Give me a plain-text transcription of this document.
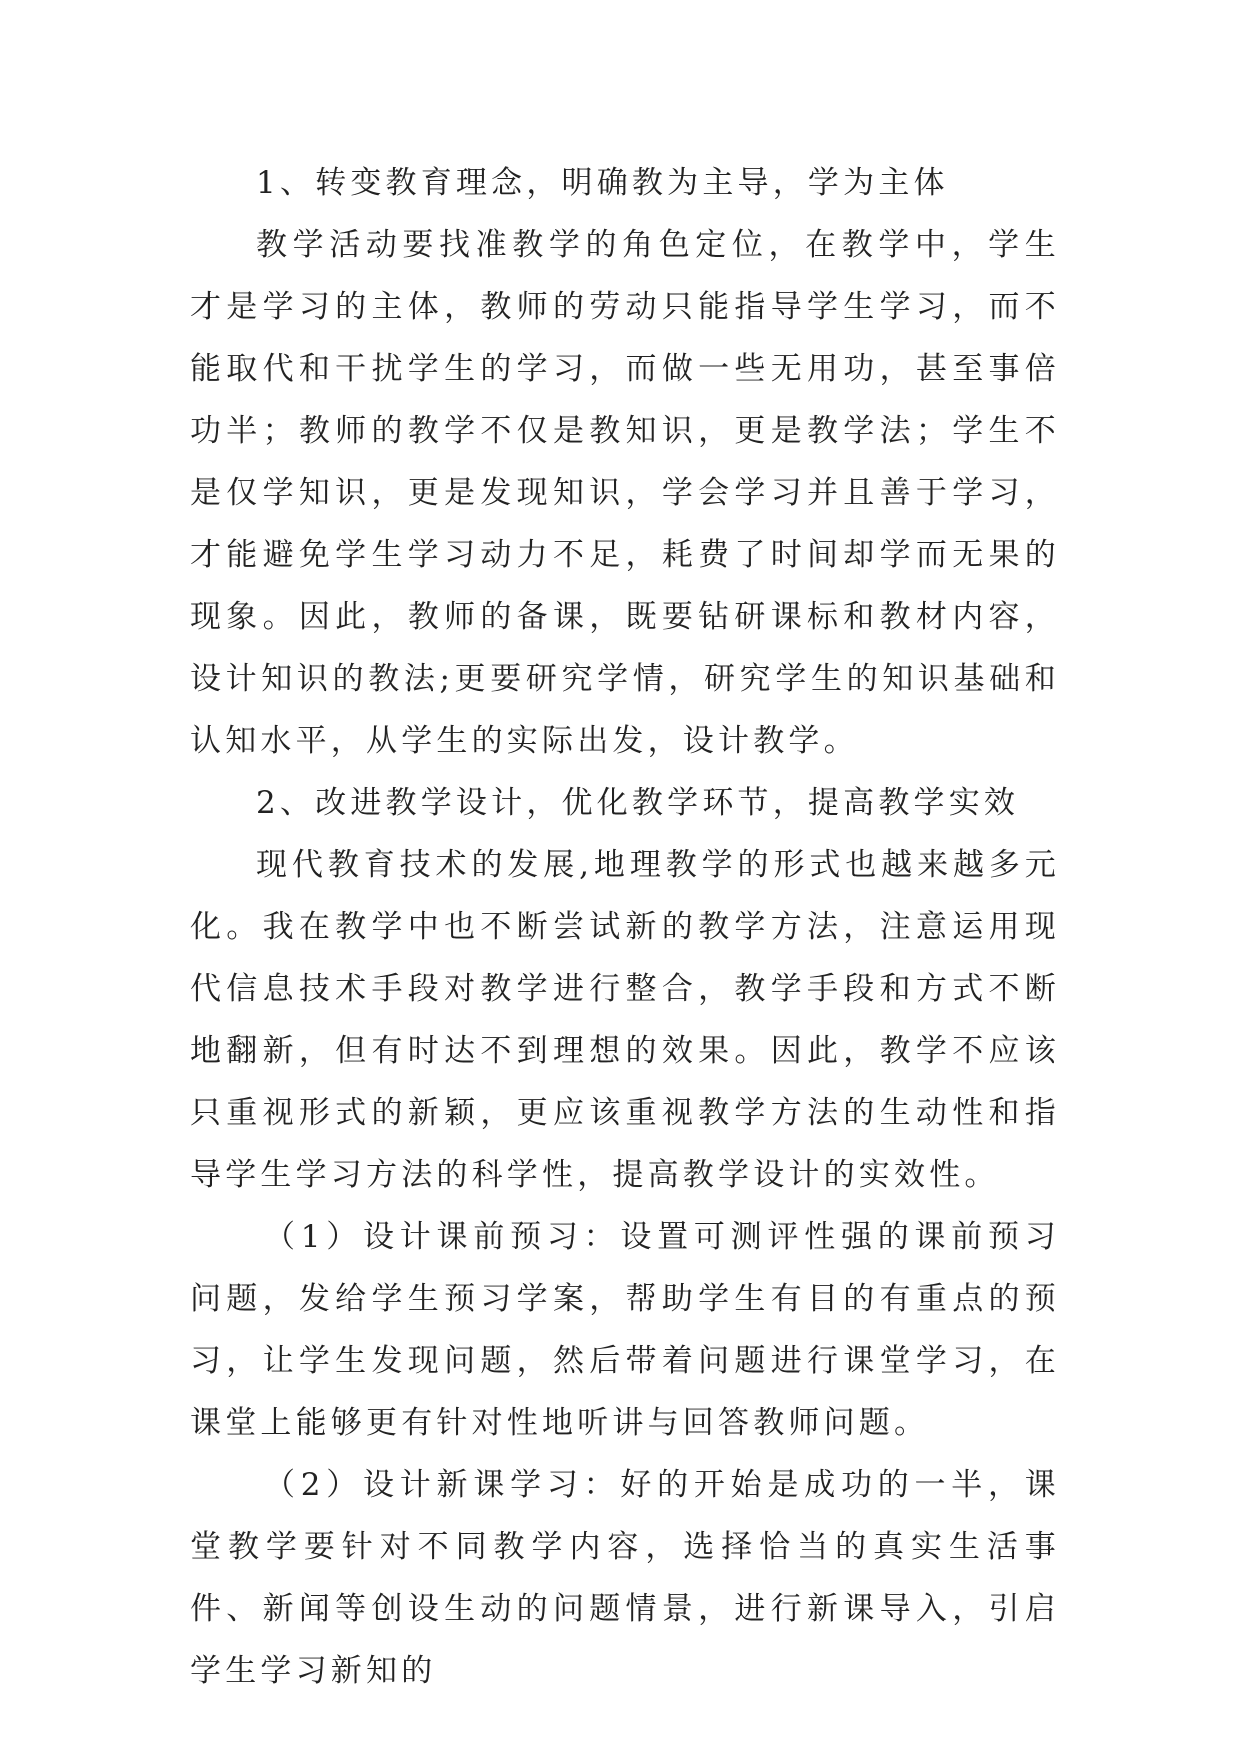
1、转变教育理念，明确教为主导，学为主体

教学活动要找准教学的角色定位，在教学中，学生才是学习的主体，教师的劳动只能指导学生学习，而不能取代和干扰学生的学习，而做一些无用功，甚至事倍功半；教师的教学不仅是教知识，更是教学法；学生不是仅学知识，更是发现知识，学会学习并且善于学习，才能避免学生学习动力不足，耗费了时间却学而无果的现象。因此，教师的备课，既要钻研课标和教材内容，设计知识的教法;更要研究学情，研究学生的知识基础和认知水平，从学生的实际出发，设计教学。

2、改进教学设计，优化教学环节，提高教学实效

现代教育技术的发展,地理教学的形式也越来越多元化。我在教学中也不断尝试新的教学方法，注意运用现代信息技术手段对教学进行整合，教学手段和方式不断地翻新，但有时达不到理想的效果。因此，教学不应该只重视形式的新颖，更应该重视教学方法的生动性和指导学生学习方法的科学性，提高教学设计的实效性。

（1）设计课前预习：设置可测评性强的课前预习问题，发给学生预习学案，帮助学生有目的有重点的预习，让学生发现问题，然后带着问题进行课堂学习，在课堂上能够更有针对性地听讲与回答教师问题。

（2）设计新课学习：好的开始是成功的一半，课堂教学要针对不同教学内容，选择恰当的真实生活事件、新闻等创设生动的问题情景，进行新课导入，引启学生学习新知的
